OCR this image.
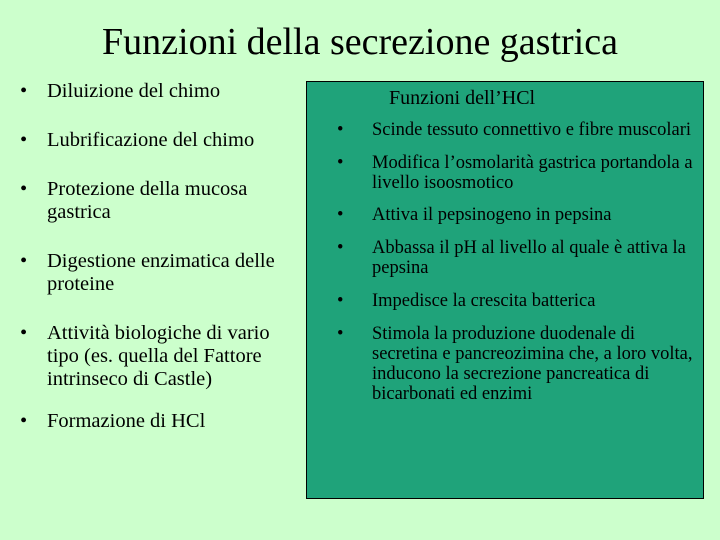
Funzioni della secrezione gastrica
• Diluizione del chimo
• Lubrificazione del chimo
• Protezione della mucosa gastrica
• Digestione enzimatica delle proteine
• Attività biologiche di vario tipo (es. quella del Fattore intrinseco di Castle)
• Formazione di HCl
Funzioni dell’HCl
• Scinde tessuto connettivo e fibre muscolari
• Modifica l’osmolarità gastrica portandola a livello isoosmotico
• Attiva il pepsinogeno in pepsina
• Abbassa il pH al livello al quale è attiva la pepsina
• Impedisce la crescita batterica
• Stimola la produzione duodenale di secretina e pancreozimina che, a loro volta, inducono la secrezione pancreatica di bicarbonati ed enzimi
